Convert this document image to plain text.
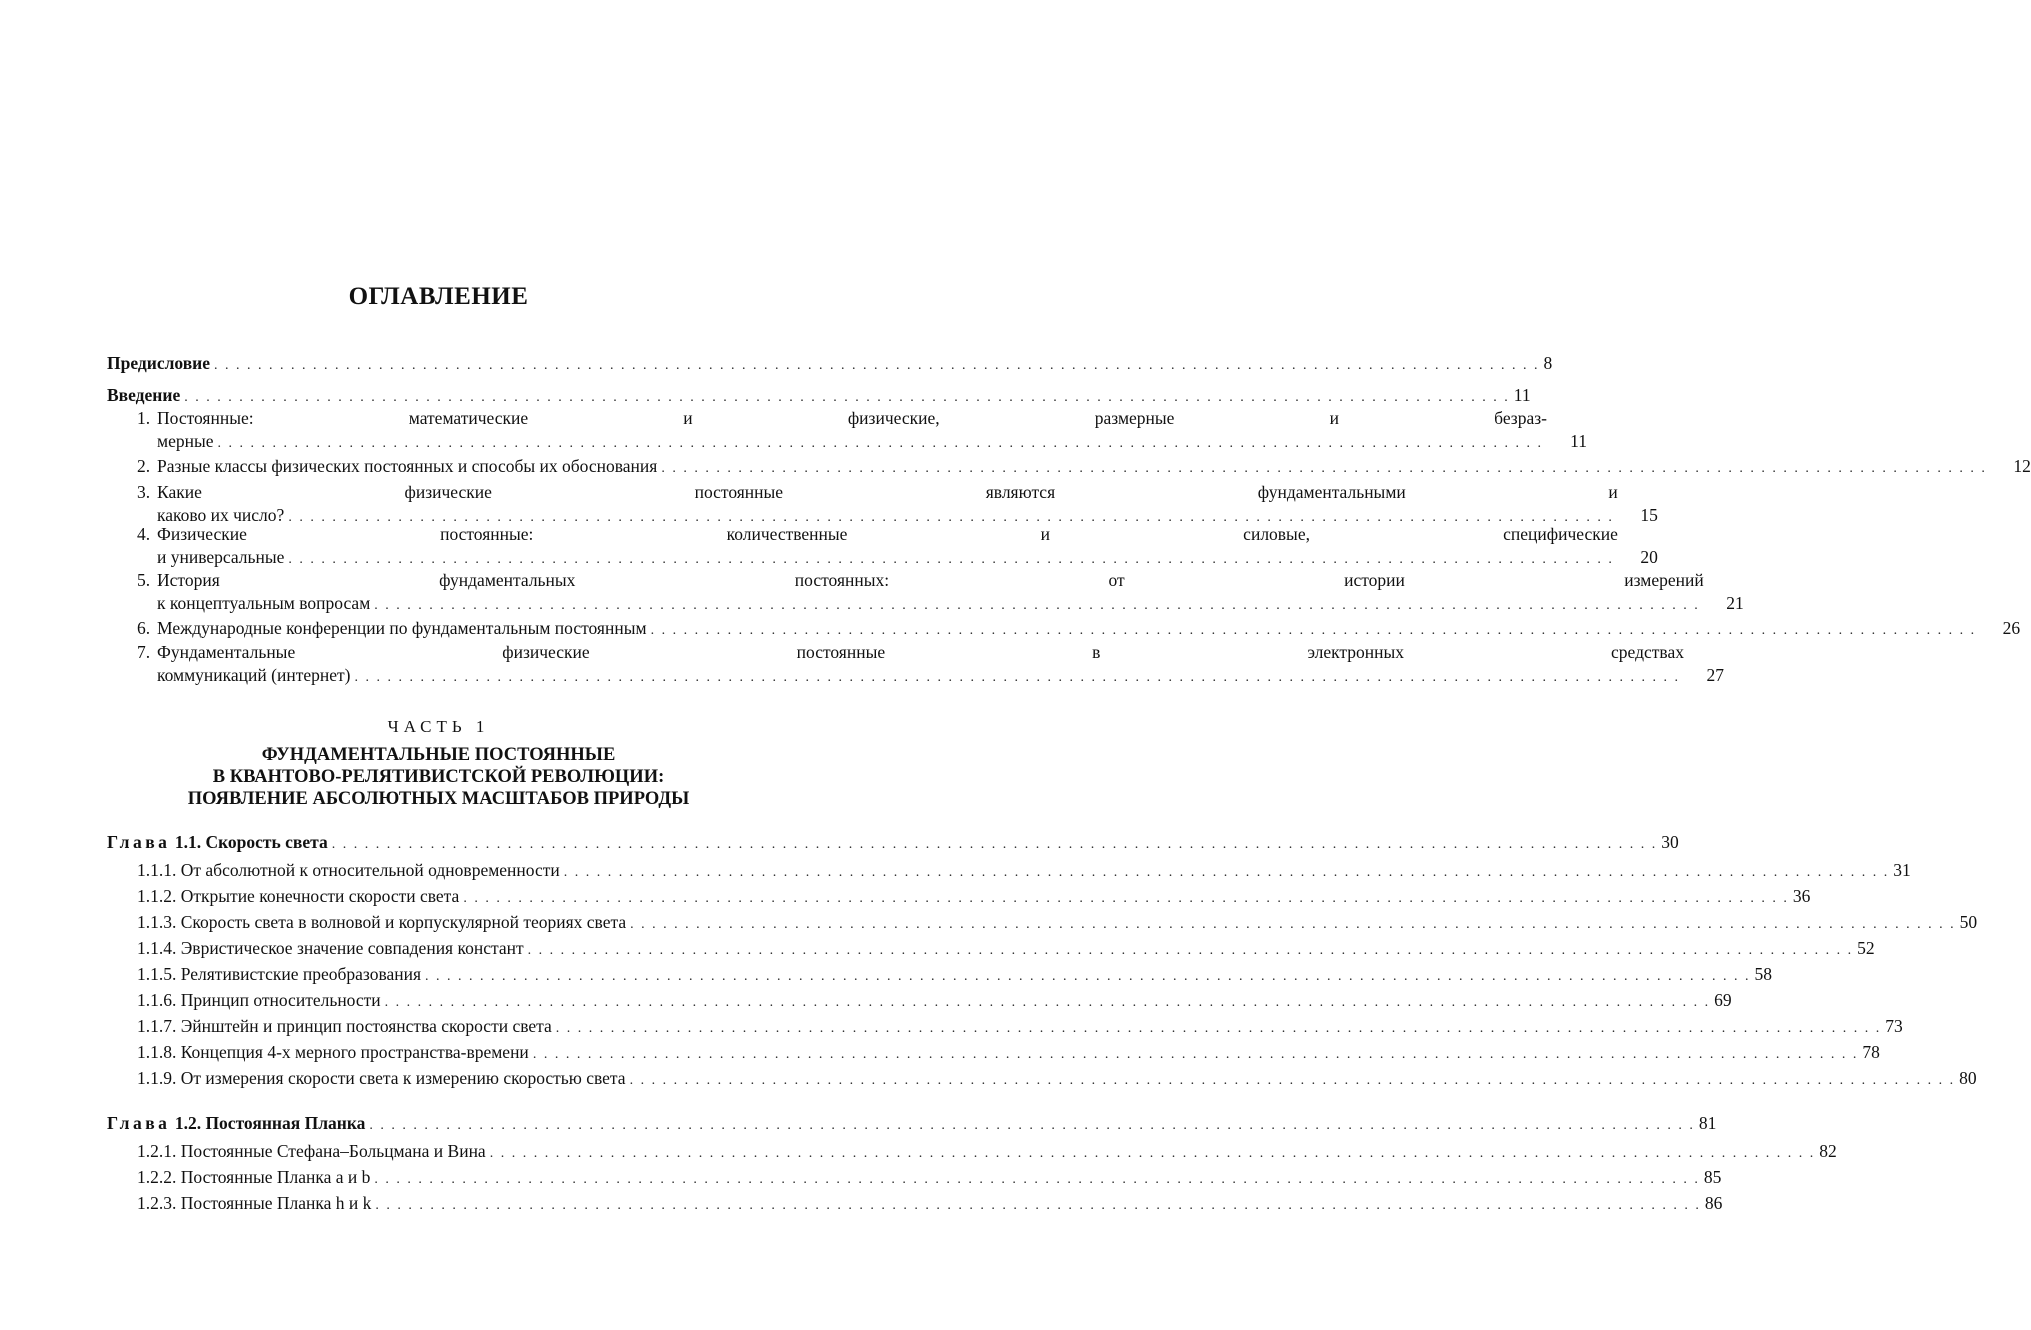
ОГЛАВЛЕНИЕ
Предисловие . . .	8
Введение . . .	11
1. Постоянные: математические и физические, размерные и безраз-
мерные . . .	11
2. Разные классы физических постоянных и способы их обоснования . . .	12
3. Какие физические постоянные являются фундаментальными и
каково их число? . . .	15
4. Физические постоянные: количественные и силовые, специфические
и универсальные . . .	20
5. История фундаментальных постоянных: от истории измерений
к концептуальным вопросам . . .	21
6. Международные конференции по фундаментальным постоянным . . .	26
7. Фундаментальные физические постоянные в электронных средствах
коммуникаций (интернет) . . .	27
ЧАСТЬ 1
ФУНДАМЕНТАЛЬНЫЕ ПОСТОЯННЫЕ
В КВАНТОВО-РЕЛЯТИВИСТСКОЙ РЕВОЛЮЦИИ:
ПОЯВЛЕНИЕ АБСОЛЮТНЫХ МАСШТАБОВ ПРИРОДЫ
Глава 1.1. Скорость света . . .	30
1.1.1. От абсолютной к относительной одновременности . . .	31
1.1.2. Открытие конечности скорости света . . .	36
1.1.3. Скорость света в волновой и корпускулярной теориях света . . .	50
1.1.4. Эвристическое значение совпадения констант . . .	52
1.1.5. Релятивистские преобразования . . .	58
1.1.6. Принцип относительности . . .	69
1.1.7. Эйнштейн и принцип постоянства скорости света . . .	73
1.1.8. Концепция 4-х мерного пространства-времени . . .	78
1.1.9. От измерения скорости света к измерению скоростью света . . .	80
Глава 1.2. Постоянная Планка . . .	81
1.2.1. Постоянные Стефана–Больцмана и Вина . . .	82
1.2.2. Постоянные Планка a и b . . .	85
1.2.3. Постоянные Планка h и k . . .	86
